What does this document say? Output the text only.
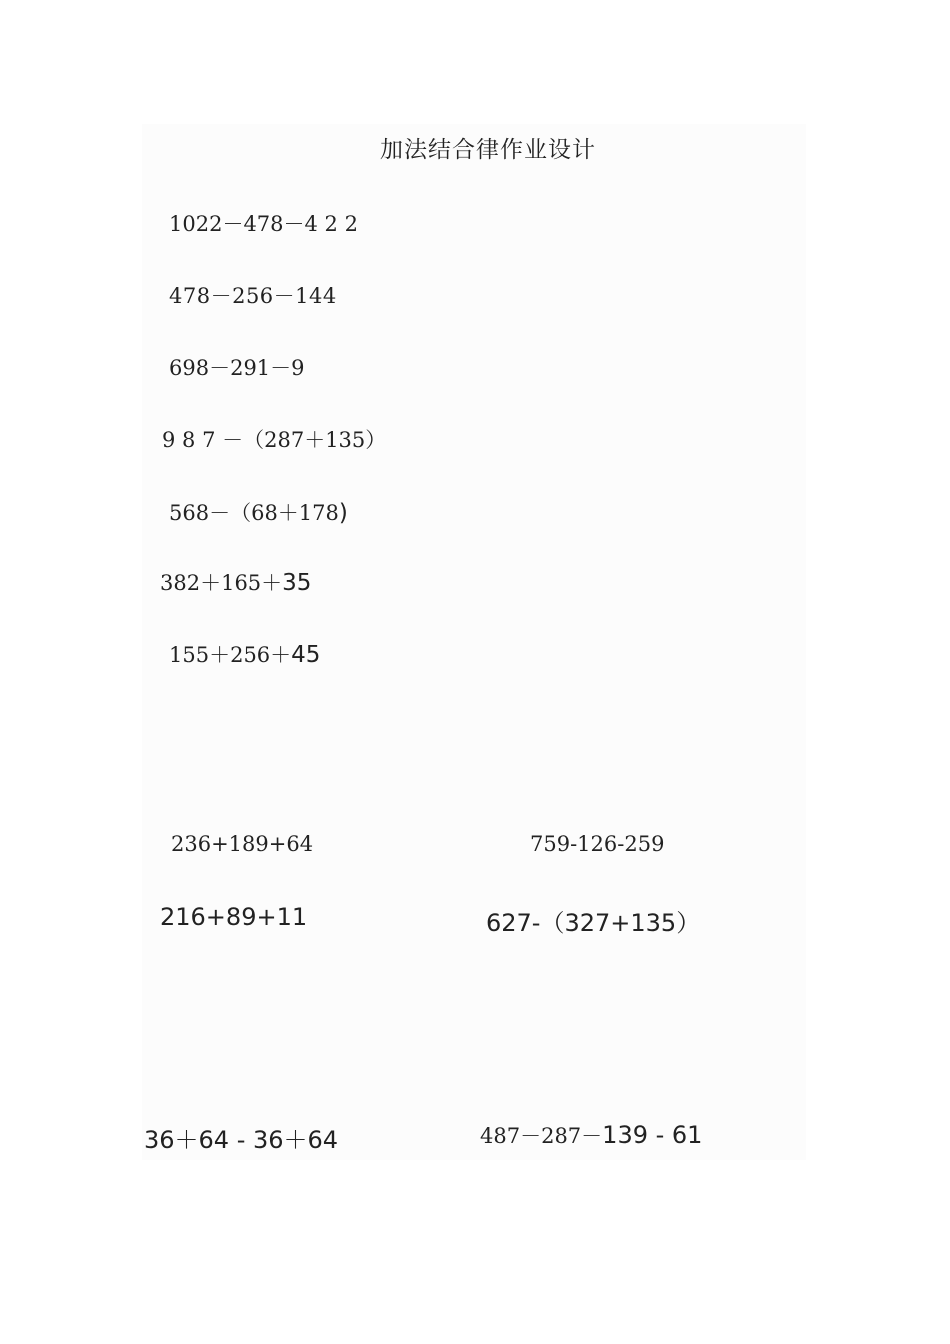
加法结合律作业设计
1022－478－4 2 2
478－256－144
698－291－9
9 8 7 －（287＋135）
568－（68＋178)
382＋165＋35
155＋256＋45
236+189+64	759-126-259
216+89+11	627-（327+135）
36＋64 - 36＋64	487－287－139 - 61
